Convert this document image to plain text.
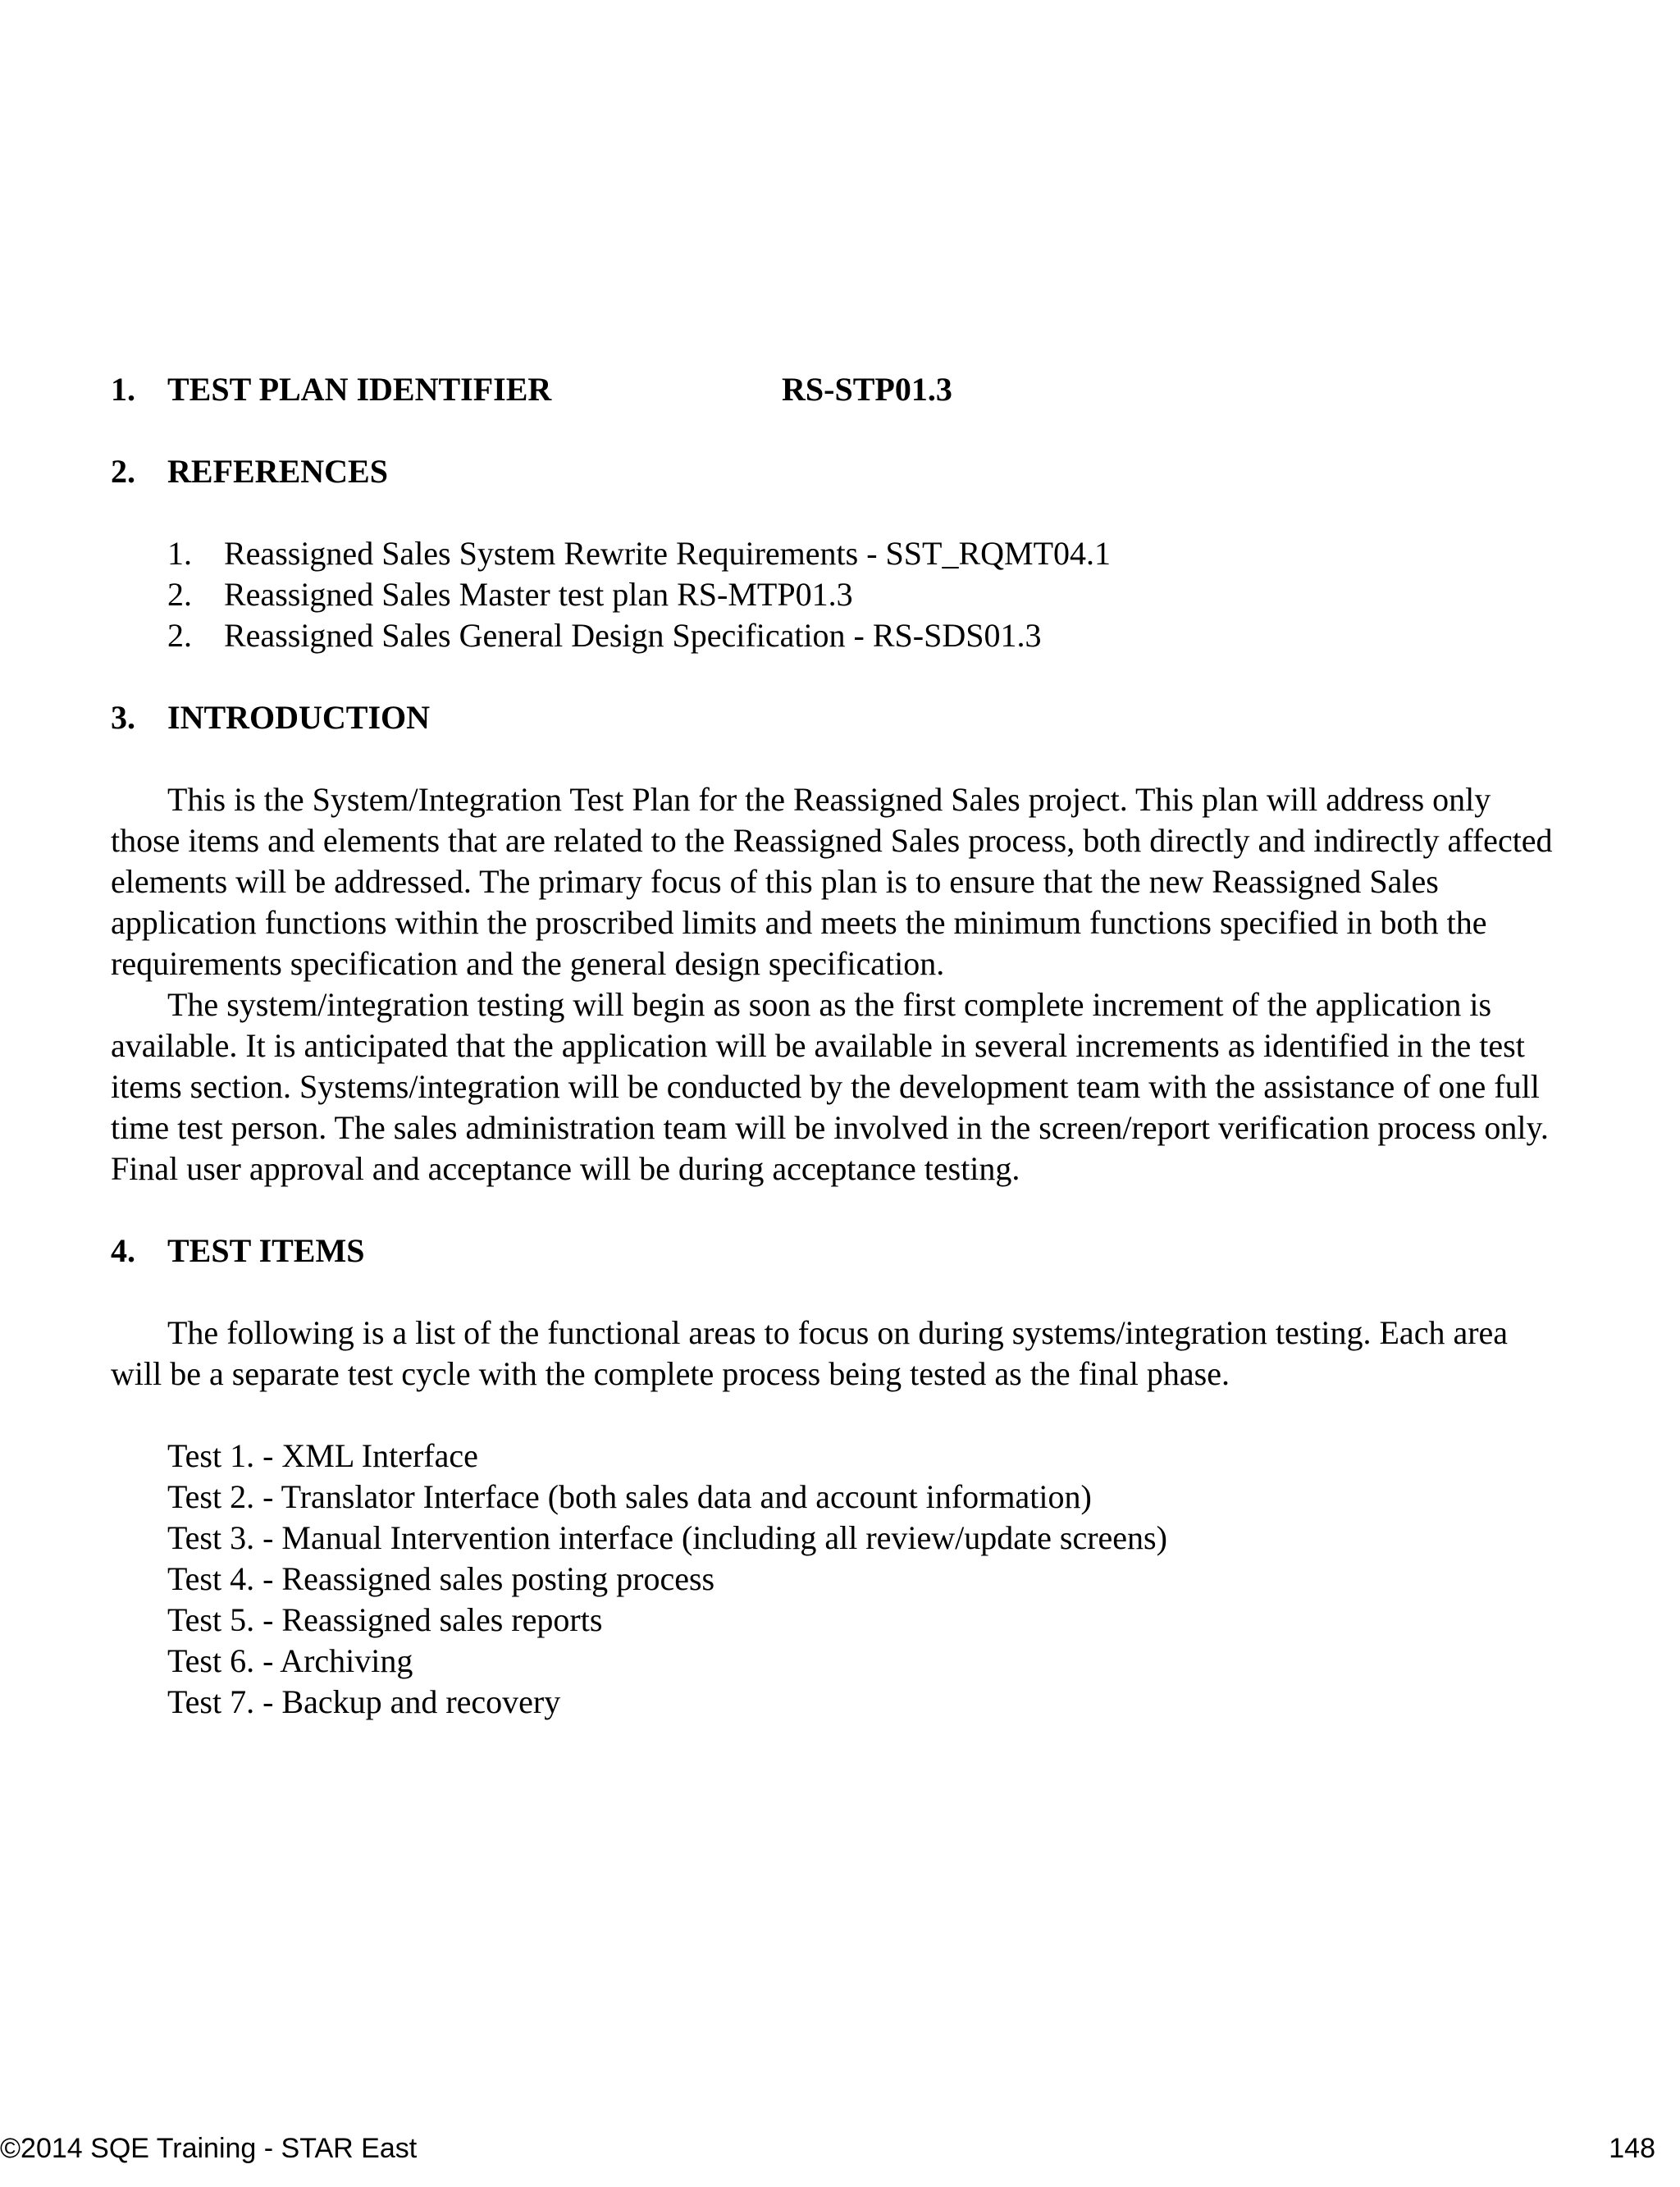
1. TEST PLAN IDENTIFIER	RS-STP01.3
2. REFERENCES
1. Reassigned Sales System Rewrite Requirements - SST_RQMT04.1
2. Reassigned Sales Master test plan RS-MTP01.3
2. Reassigned Sales General Design Specification - RS-SDS01.3
3. INTRODUCTION

This is the System/Integration Test Plan for the Reassigned Sales project. This plan will address only those items and elements that are related to the Reassigned Sales process, both directly and indirectly affected elements will be addressed. The primary focus of this plan is to ensure that the new Reassigned Sales application functions within the proscribed limits and meets the minimum functions specified in both the requirements specification and the general design specification.

The system/integration testing will begin as soon as the first complete increment of the application is available. It is anticipated that the application will be available in several increments as identified in the test items section. Systems/integration will be conducted by the development team with the assistance of one full time test person. The sales administration team will be involved in the screen/report verification process only. Final user approval and acceptance will be during acceptance testing.

4. TEST ITEMS

The following is a list of the functional areas to focus on during systems/integration testing. Each area will be a separate test cycle with the complete process being tested as the final phase.

Test 1. - XML Interface
Test 2. - Translator Interface (both sales data and account information)
Test 3. - Manual Intervention interface (including all review/update screens)
Test 4. - Reassigned sales posting process
Test 5. - Reassigned sales reports
Test 6. - Archiving
Test 7. - Backup and recovery
©2014 SQE Training - STAR East	148
